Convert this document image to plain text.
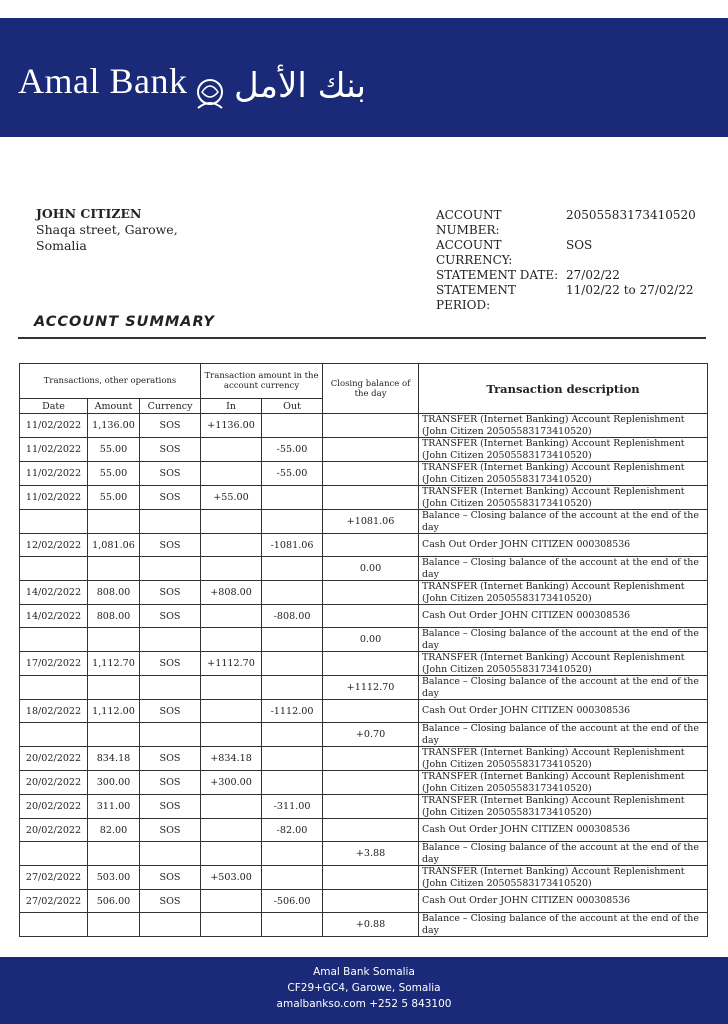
Amal Bank بنك الأمل
JOHN CITIZEN
Shaqa street, Garowe,
Somalia
ACCOUNT NUMBER:
20505583173410520
ACCOUNT CURRENCY:
SOS
STATEMENT DATE: 27/02/22
STATEMENT PERIOD:
11/02/22 to 27/02/22
ACCOUNT SUMMARY
Transactions, other operations			Transaction amount in the account currency		Closing balance of the day	Transaction description
Date	Amount	Currency	In	Out		
11/02/2022	1,136.00	SOS	+1136.00			TRANSFER (Internet Banking) Account Replenishment (John Citizen 20505583173410520)
11/02/2022	55.00	SOS		-55.00		TRANSFER (Internet Banking) Account Replenishment (John Citizen 20505583173410520)
11/02/2022	55.00	SOS		-55.00		TRANSFER (Internet Banking) Account Replenishment (John Citizen 20505583173410520)
11/02/2022	55.00	SOS	+55.00			TRANSFER (Internet Banking) Account Replenishment (John Citizen 20505583173410520)
					+1081.06	Balance – Closing balance of the account at the end of the day
12/02/2022	1,081.06	SOS		-1081.06		Cash Out Order JOHN CITIZEN 000308536
					0.00	Balance – Closing balance of the account at the end of the day
14/02/2022	808.00	SOS	+808.00			TRANSFER (Internet Banking) Account Replenishment (John Citizen 20505583173410520)
14/02/2022	808.00	SOS		-808.00		Cash Out Order JOHN CITIZEN 000308536
					0.00	Balance – Closing balance of the account at the end of the day
17/02/2022	1,112.70	SOS	+1112.70			TRANSFER (Internet Banking) Account Replenishment (John Citizen 20505583173410520)
					+1112.70	Balance – Closing balance of the account at the end of the day
18/02/2022	1,112.00	SOS		-1112.00		Cash Out Order JOHN CITIZEN 000308536
					+0.70	Balance – Closing balance of the account at the end of the day
20/02/2022	834.18	SOS	+834.18			TRANSFER (Internet Banking) Account Replenishment (John Citizen 20505583173410520)
20/02/2022	300.00	SOS	+300.00			TRANSFER (Internet Banking) Account Replenishment (John Citizen 20505583173410520)
20/02/2022	311.00	SOS		-311.00		TRANSFER (Internet Banking) Account Replenishment (John Citizen 20505583173410520)
20/02/2022	82.00	SOS		-82.00		Cash Out Order JOHN CITIZEN 000308536
					+3.88	Balance – Closing balance of the account at the end of the day
27/02/2022	503.00	SOS	+503.00			TRANSFER (Internet Banking) Account Replenishment (John Citizen 20505583173410520)
27/02/2022	506.00	SOS		-506.00		Cash Out Order JOHN CITIZEN 000308536
					+0.88	Balance – Closing balance of the account at the end of the day
Amal Bank Somalia
CF29+GC4, Garowe, Somalia
amalbankso.com +252 5 843100
